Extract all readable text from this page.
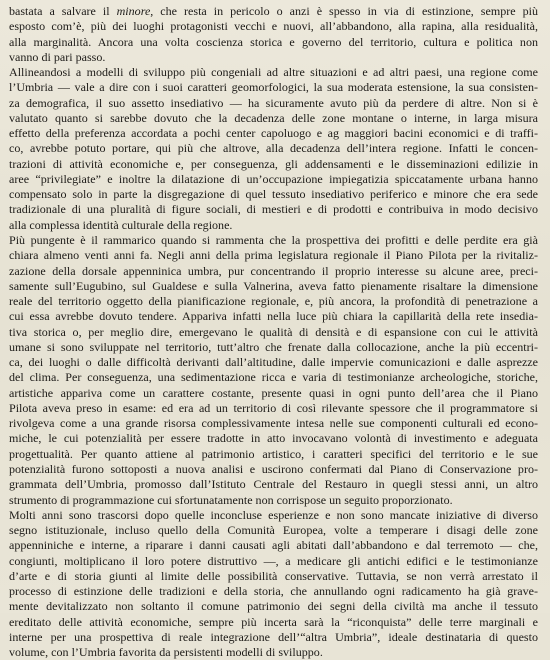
bastata a salvare il minore, che resta in pericolo o anzi è spesso in via di estinzione, sempre più
esposto com’è, più dei luoghi protagonisti vecchi e nuovi, all’abbandono, alla rapina, alla residualità,
alla marginalità. Ancora una volta coscienza storica e governo del territorio, cultura e politica non
vanno di pari passo.
Allineandosi a modelli di sviluppo più congeniali ad altre situazioni e ad altri paesi, una regione come
l’Umbria — vale a dire con i suoi caratteri geomorfologici, la sua moderata estensione, la sua consisten-
za demografica, il suo assetto insediativo — ha sicuramente avuto più da perdere di altre. Non si è
valutato quanto si sarebbe dovuto che la decadenza delle zone montane o interne, in larga misura
effetto della preferenza accordata a pochi center capoluogo e ag maggiori bacini economici e di traffi-
co, avrebbe potuto portare, qui più che altrove, alla decadenza dell’intera regione. Infatti le concen-
trazioni di attività economiche e, per conseguenza, gli addensamenti e le disseminazioni edilizie in
aree “privilegiate” e inoltre la dilatazione di un’occupazione impiegatizia spiccatamente urbana hanno
compensato solo in parte la disgregazione di quel tessuto insediativo periferico e minore che era sede
tradizionale di una pluralità di figure sociali, di mestieri e di prodotti e contribuiva in modo decisivo
alla complessa identità culturale della regione.
Più pungente è il rammarico quando si rammenta che la prospettiva dei profitti e delle perdite era già
chiara almeno venti anni fa. Negli anni della prima legislatura regionale il Piano Pilota per la rivitaliz-
zazione della dorsale appenninica umbra, pur concentrando il proprio interesse su alcune aree, preci-
samente sull’Eugubino, sul Gualdese e sulla Valnerina, aveva fatto pienamente risaltare la dimensione
reale del territorio oggetto della pianificazione regionale, e, più ancora, la profondità di penetrazione a
cui essa avrebbe dovuto tendere. Appariva infatti nella luce più chiara la capillarità della rete insedia-
tiva storica o, per meglio dire, emergevano le qualità di densità e di espansione con cui le attività
umane si sono sviluppate nel territorio, tutt’altro che frenate dalla collocazione, anche la più eccentri-
ca, dei luoghi o dalle difficoltà derivanti dall’altitudine, dalle impervie comunicazioni e dalle asprezze
del clima. Per conseguenza, una sedimentazione ricca e varia di testimonianze archeologiche, storiche,
artistiche appariva come un carattere costante, presente quasi in ogni punto dell’area che il Piano
Pilota aveva preso in esame: ed era ad un territorio di così rilevante spessore che il programmatore si
rivolgeva come a una grande risorsa complessivamente intesa nelle sue componenti culturali ed econo-
miche, le cui potenzialità per essere tradotte in atto invocavano volontà di investimento e adeguata
progettualità. Per quanto attiene al patrimonio artistico, i caratteri specifici del territorio e le sue
potenzialità furono sottoposti a nuova analisi e uscirono confermati dal Piano di Conservazione pro-
grammata dell’Umbria, promosso dall’Istituto Centrale del Restauro in quegli stessi anni, un altro
strumento di programmazione cui sfortunatamente non corrispose un seguito proporzionato.
Molti anni sono trascorsi dopo quelle inconcluse esperienze e non sono mancate iniziative di diverso
segno istituzionale, incluso quello della Comunità Europea, volte a temperare i disagi delle zone
appenniniche e interne, a riparare i danni causati agli abitati dall’abbandono e dal terremoto — che,
congiunti, moltiplicano il loro potere distruttivo —, a medicare gli antichi edifici e le testimonianze
d’arte e di storia giunti al limite delle possibilità conservative. Tuttavia, se non verrà arrestato il
processo di estinzione delle tradizioni e della storia, che annullando ogni radicamento ha già grave-
mente devitalizzato non soltanto il comune patrimonio dei segni della civiltà ma anche il tessuto
ereditato delle attività economiche, sempre più incerta sarà la “riconquista” delle terre marginali e
interne per una prospettiva di reale integrazione dell’“altra Umbria”, ideale destinataria di questo
volume, con l’Umbria favorita da persistenti modelli di sviluppo.
